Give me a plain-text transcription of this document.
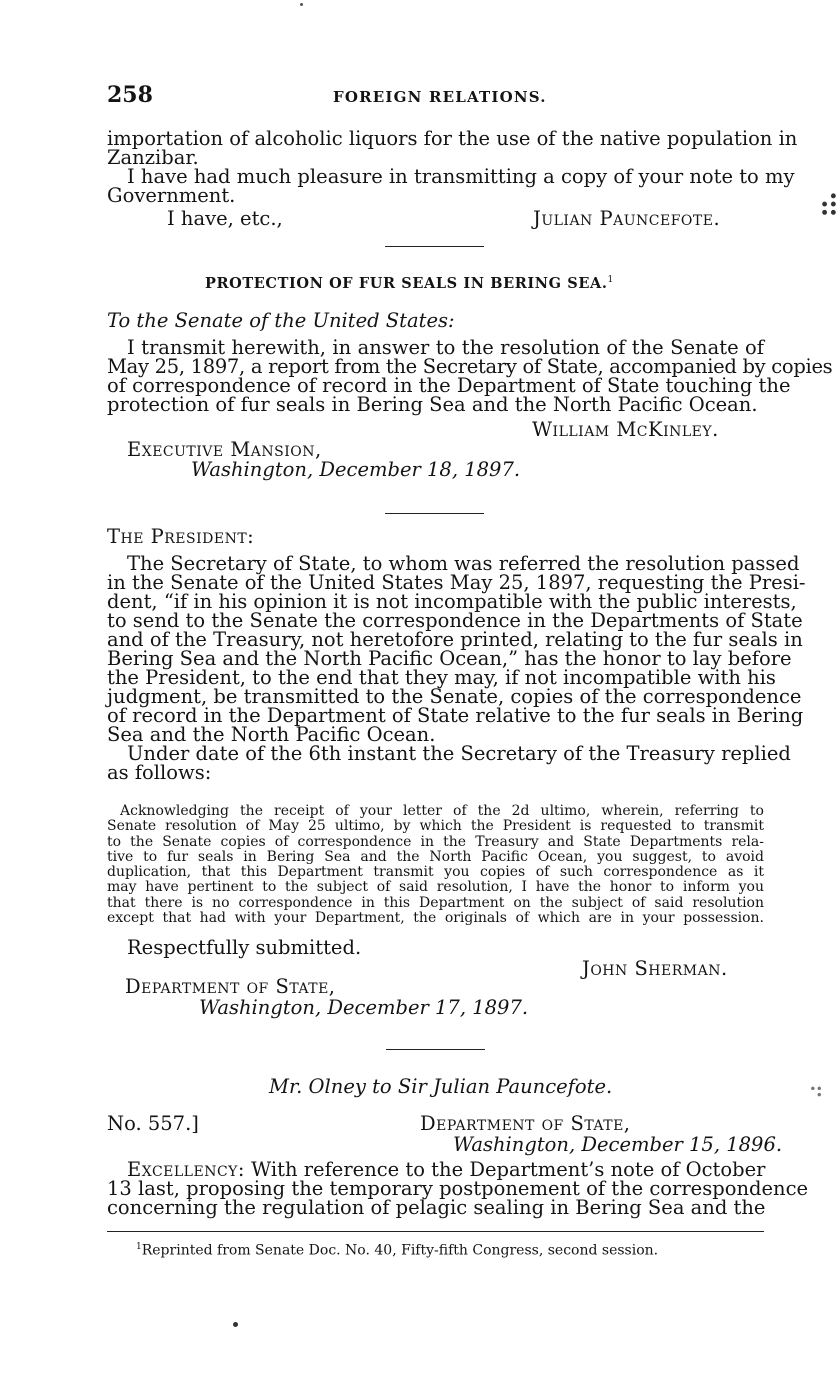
258	FOREIGN RELATIONS.
importation of alcoholic liquors for the use of the native population in
Zanzibar.
I have had much pleasure in transmitting a copy of your note to my
Government.
I have, etc.,	Julian Pauncefote.
PROTECTION OF FUR SEALS IN BERING SEA.$^1$
To the Senate of the United States:
I transmit herewith, in answer to the resolution of the Senate of
May 25, 1897, a report from the Secretary of State, accompanied by copies
of correspondence of record in the Department of State touching the
protection of fur seals in Bering Sea and the North Pacific Ocean.
William McKinley.
Executive Mansion,
Washington, December 18, 1897.
The President:
The Secretary of State, to whom was referred the resolution passed
in the Senate of the United States May 25, 1897, requesting the Presi-
dent, “if in his opinion it is not incompatible with the public interests,
to send to the Senate the correspondence in the Departments of State
and of the Treasury, not heretofore printed, relating to the fur seals in
Bering Sea and the North Pacific Ocean,” has the honor to lay before
the President, to the end that they may, if not incompatible with his
judgment, be transmitted to the Senate, copies of the correspondence
of record in the Department of State relative to the fur seals in Bering
Sea and the North Pacific Ocean.
Under date of the 6th instant the Secretary of the Treasury replied
as follows:
Acknowledging the receipt of your letter of the 2d ultimo, wherein, referring to
Senate resolution of May 25 ultimo, by which the President is requested to transmit
to the Senate copies of correspondence in the Treasury and State Departments rela-
tive to fur seals in Bering Sea and the North Pacific Ocean, you suggest, to avoid
duplication, that this Department transmit you copies of such correspondence as it
may have pertinent to the subject of said resolution, I have the honor to inform you
that there is no correspondence in this Department on the subject of said resolution
except that had with your Department, the originals of which are in your possession.
Respectfully submitted.
John Sherman.
Department of State,
Washington, December 17, 1897.
Mr. Olney to Sir Julian Pauncefote.
No. 557.]	Department of State,
Washington, December 15, 1896.
Excellency: With reference to the Department’s note of October
13 last, proposing the temporary postponement of the correspondence
concerning the regulation of pelagic sealing in Bering Sea and the
$^1$Reprinted from Senate Doc. No. 40, Fifty-fifth Congress, second session.
⠾
⠙
